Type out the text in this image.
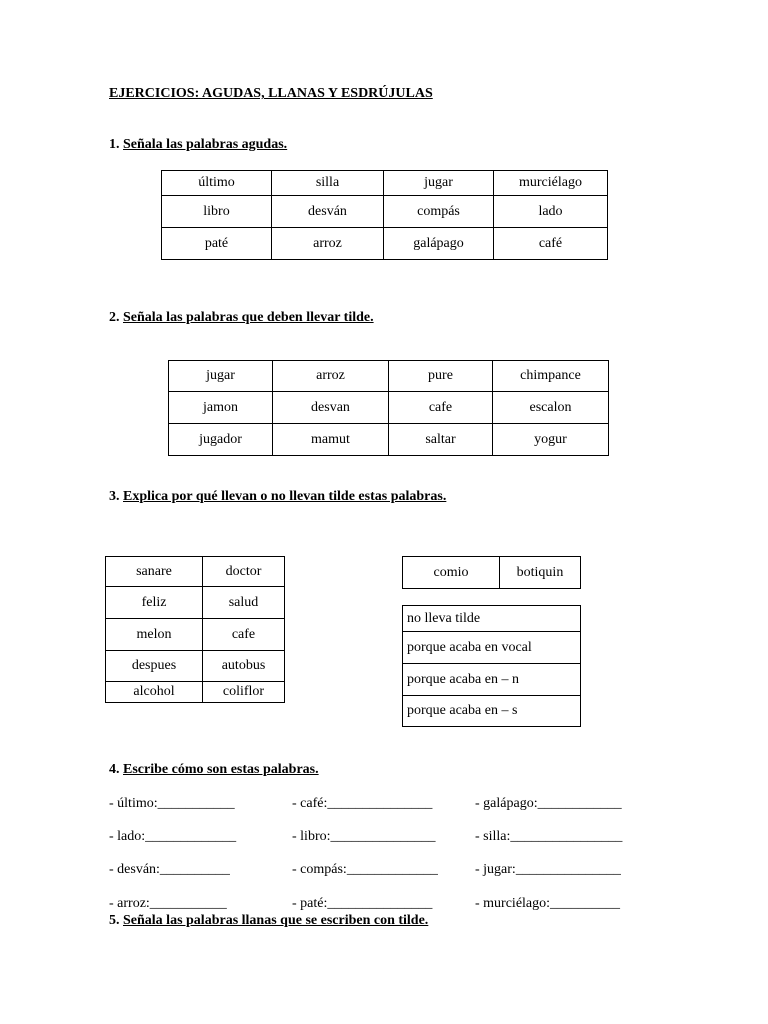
EJERCICIOS: AGUDAS, LLANAS Y ESDRÚJULAS
1. Señala las palabras agudas.
último	silla	jugar	murciélago
libro	desván	compás	lado
paté	arroz	galápago	café
2. Señala las palabras que deben llevar tilde.
jugar	arroz	pure	chimpance
jamon	desvan	cafe	escalon
jugador	mamut	saltar	yogur
3. Explica por qué llevan o no llevan tilde estas palabras.
sanare	doctor
feliz	salud
melon	cafe
despues	autobus
alcohol	coliflor
comio	botiquin
no lleva tilde
porque acaba en vocal
porque acaba en – n
porque acaba en – s
4. Escribe cómo son estas palabras.
- último:___________	- café:_______________	- galápago:____________
- lado:_____________	- libro:_______________	- silla:________________
- desván:__________	- compás:_____________	- jugar:_______________
- arroz:___________	- paté:_______________	- murciélago:__________
5. Señala las palabras llanas que se escriben con tilde.
